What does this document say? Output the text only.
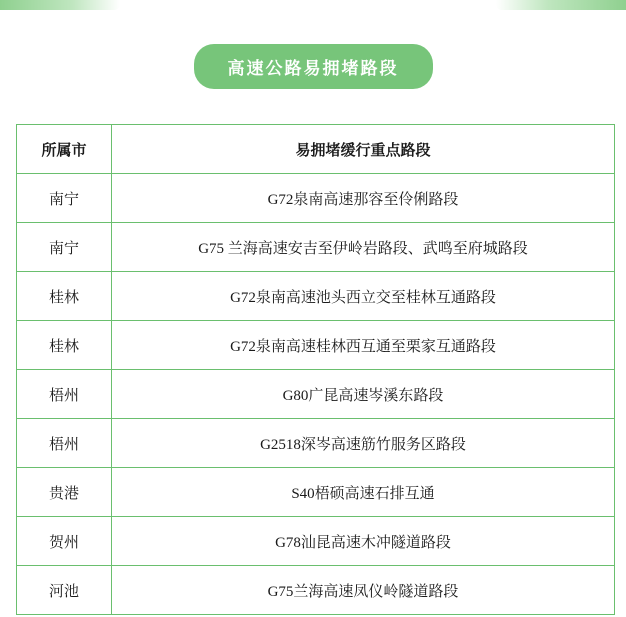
高速公路易拥堵路段
所属市	易拥堵缓行重点路段
南宁	G72泉南高速那容至伶俐路段
南宁	G75 兰海高速安吉至伊岭岩路段、武鸣至府城路段
桂林	G72泉南高速池头西立交至桂林互通路段
桂林	G72泉南高速桂林西互通至栗家互通路段
梧州	G80广昆高速岑溪东路段
梧州	G2518深岑高速筋竹服务区路段
贵港	S40梧硕高速石排互通
贺州	G78汕昆高速木冲隧道路段
河池	G75兰海高速凤仪岭隧道路段
